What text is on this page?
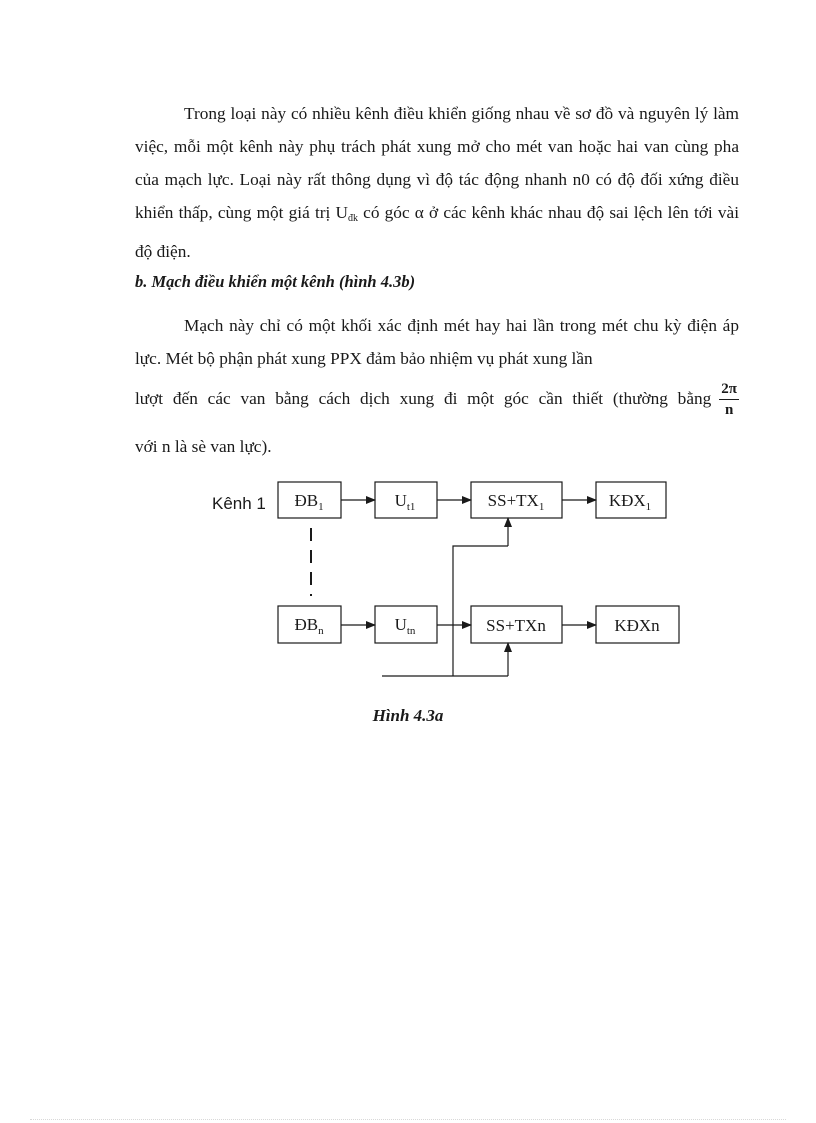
Trong loại này có nhiều kênh điều khiển giống nhau về sơ đồ và nguyên lý làm việc, mỗi một kênh này phụ trách phát xung mở cho mét van hoặc hai van cùng pha của mạch lực. Loại này rất thông dụng vì độ tác động nhanh n0 có độ đối xứng điều khiển thấp, cùng một giá trị $U_{đk}$ có góc α ở các kênh khác nhau độ sai lệch lên tới vài độ điện.

b. Mạch điều khiển một kênh (hình 4.3b)

Mạch này chỉ có một khối xác định mét hay hai lần trong mét chu kỳ điện áp lực. Mét bộ phận phát xung PPX đảm bảo nhiệm vụ phát xung lần

lượt đến các van bằng cách dịch xung đi một góc cần thiết (thường bằng $\frac{2\pi}{n}$
với n là sè van lực).
Kênh 1 $ĐB_1$	$U_{t1}$	$SS+TX_1$	$KĐX_1$
$ĐB_n$	$U_{tn}$	SS+TXn	KĐXn

Hình 4.3a
